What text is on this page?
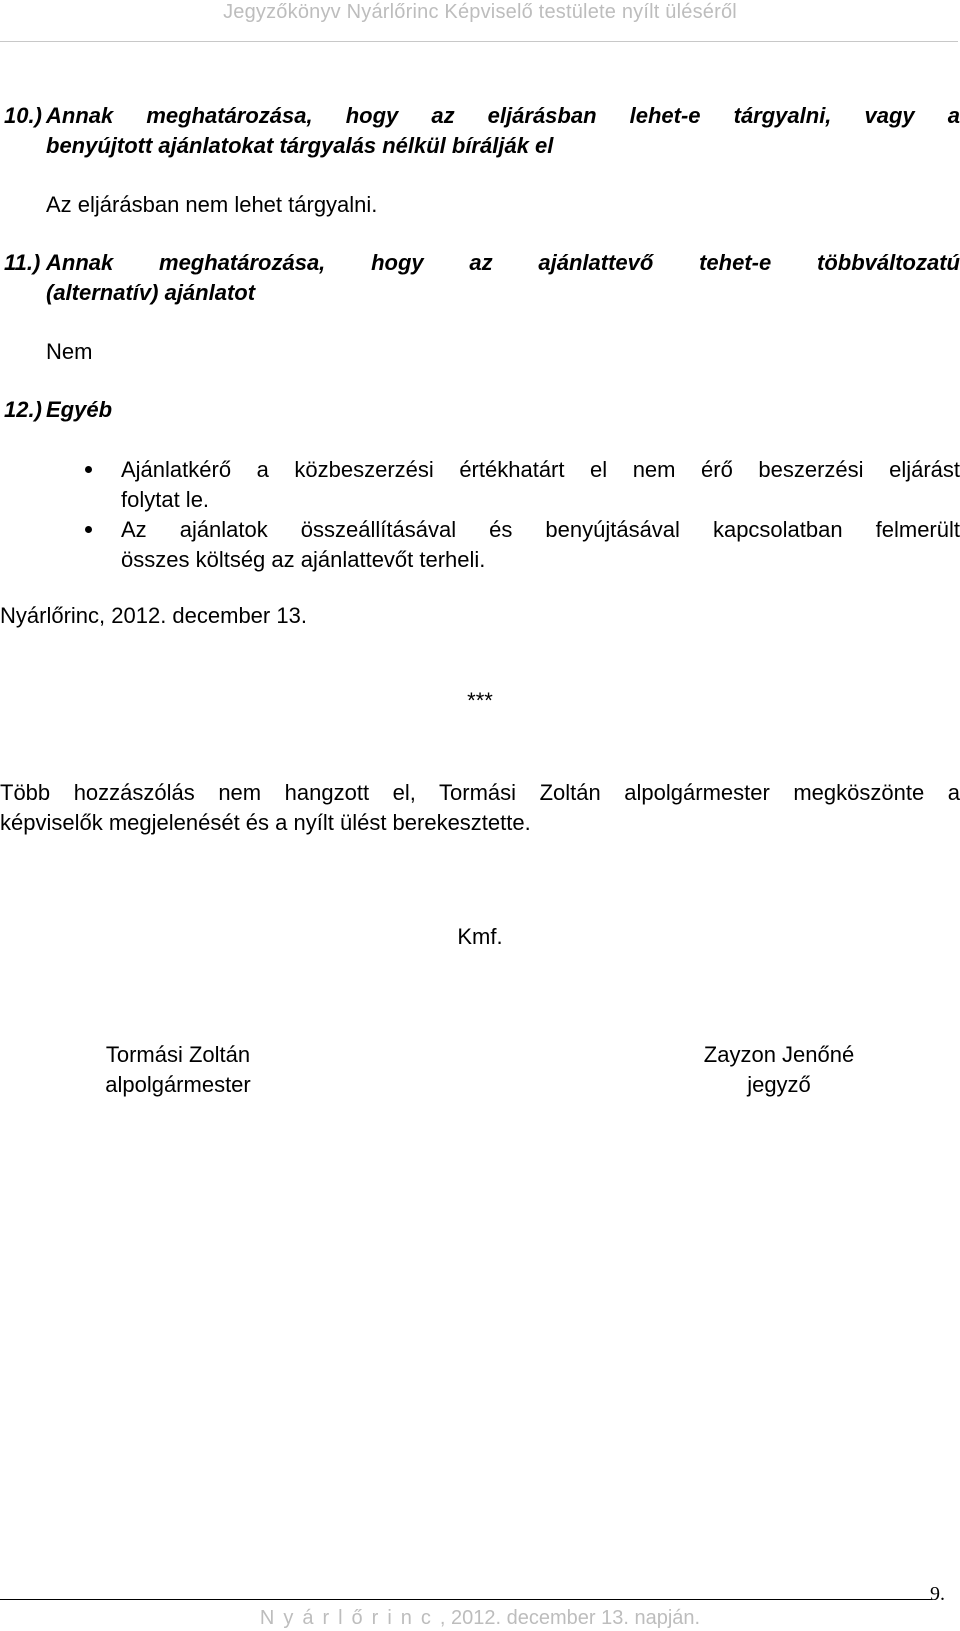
Jegyzőkönyv Nyárlőrinc Képviselő testülete nyílt üléséről
10.) Annak meghatározása, hogy az eljárásban lehet-e tárgyalni, vagy a
benyújtott ajánlatokat tárgyalás nélkül bírálják el
Az eljárásban nem lehet tárgyalni.
11.) Annak meghatározása, hogy az ajánlattevő tehet-e többváltozatú
(alternatív) ajánlatot
Nem
12.) Egyéb
Ajánlatkérő a közbeszerzési értékhatárt el nem érő beszerzési eljárást
folytat le.
Az ajánlatok összeállításával és benyújtásával kapcsolatban felmerült
összes költség az ajánlattevőt terheli.
Nyárlőrinc, 2012. december 13.
***
Több hozzászólás nem hangzott el, Tormási Zoltán alpolgármester megköszönte a
képviselők megjelenését és a nyílt ülést berekesztette.
Kmf.
Tormási Zoltán
alpolgármester
Zayzon Jenőné
jegyző
9.
Nyárlőrinc, 2012. december 13. napján.
